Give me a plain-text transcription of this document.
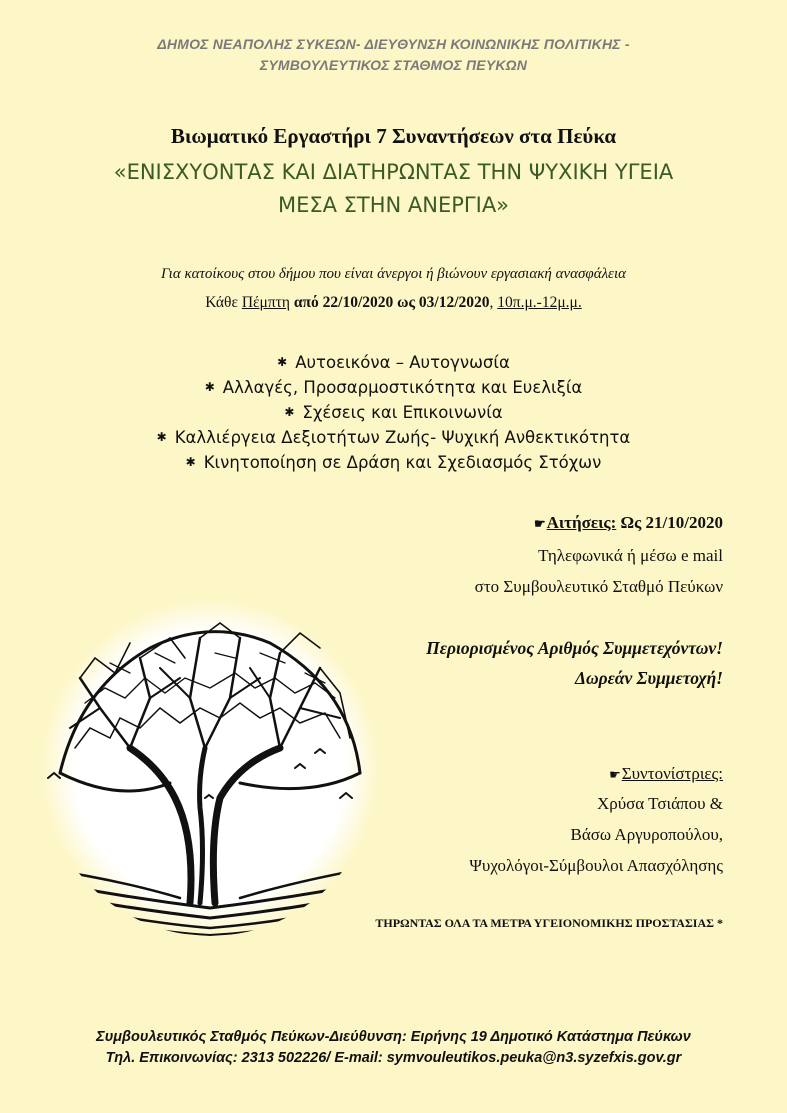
ΔΗΜΟΣ ΝΕΑΠΟΛΗΣ ΣΥΚΕΩΝ- ΔΙΕΥΘΥΝΣΗ ΚΟΙΝΩΝΙΚΗΣ ΠΟΛΙΤΙΚΗΣ -
ΣΥΜΒΟΥΛΕΥΤΙΚΟΣ ΣΤΑΘΜΟΣ ΠΕΥΚΩΝ
Βιωματικό Εργαστήρι 7 Συναντήσεων στα Πεύκα
«ΕΝΙΣΧΥΟΝΤΑΣ ΚΑΙ ΔΙΑΤΗΡΩΝΤΑΣ ΤΗΝ ΨΥΧΙΚΗ ΥΓΕΙΑ
ΜΕΣΑ ΣΤΗΝ ΑΝΕΡΓΙΑ»
Για κατοίκους στου δήμου που είναι άνεργοι ή βιώνουν εργασιακή ανασφάλεια
Κάθε Πέμπτη από 22/10/2020 ως 03/12/2020, 10π.μ.-12μ.μ.
✱ Αυτοεικόνα – Αυτογνωσία
✱ Αλλαγές, Προσαρμοστικότητα και Ευελιξία
✱ Σχέσεις και Επικοινωνία
✱ Καλλιέργεια Δεξιοτήτων Ζωής- Ψυχική Ανθεκτικότητα
✱ Κινητοποίηση σε Δράση και Σχεδιασμός Στόχων
☛Αιτήσεις: Ως 21/10/2020
Τηλεφωνικά ή μέσω e mail
στο Συμβουλευτικό Σταθμό Πεύκων
Περιορισμένος Αριθμός Συμμετεχόντων!
Δωρεάν Συμμετοχή!
☛Συντονίστριες:
Χρύσα Τσιάπου &
Βάσω Αργυροπούλου,
Ψυχολόγοι-Σύμβουλοι Απασχόλησης
ΤΗΡΩΝΤΑΣ ΟΛΑ ΤΑ ΜΕΤΡΑ ΥΓΕΙΟΝΟΜΙΚΗΣ ΠΡΟΣΤΑΣΙΑΣ *
Συμβουλευτικός Σταθμός Πεύκων-Διεύθυνση: Ειρήνης 19 Δημοτικό Κατάστημα Πεύκων
Τηλ. Επικοινωνίας: 2313 502226/ E-mail: symvouleutikos.peuka@n3.syzefxis.gov.gr
